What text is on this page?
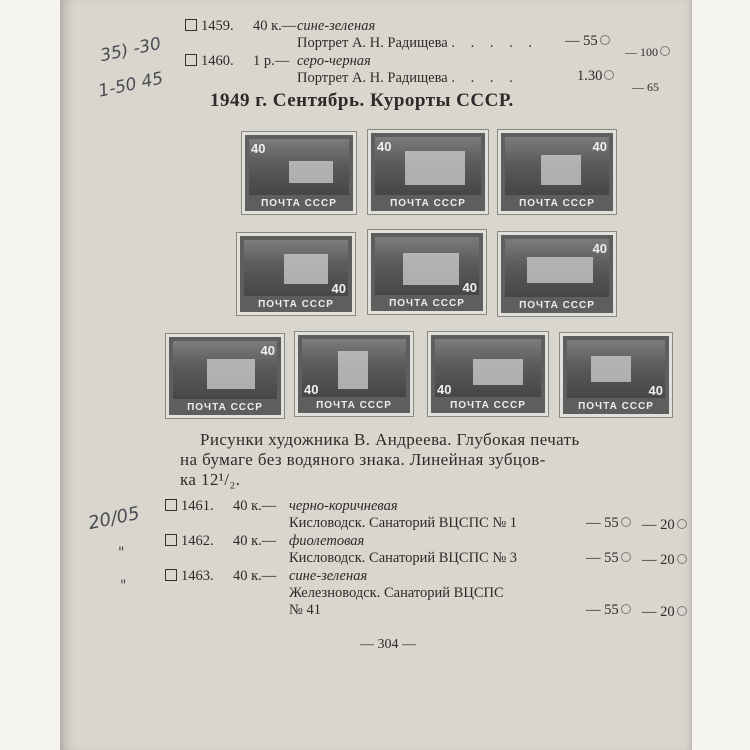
35) -30
1459. 40 к.—сине-зеленая
Портрет А. Н. Радищева . . . . . — 55
— 100
1-50 45
1460. 1 р.— серо-черная
Портрет А. Н. Радищева . . . .	1.30
— 65
1949 г. Сентябрь. Курорты СССР.
ПОЧТА СССР
40
ПОЧТА СССР
40
ПОЧТА СССР
40
ПОЧТА СССР
40
ПОЧТА СССР
40
ПОЧТА СССР
40
ПОЧТА СССР
40
ПОЧТА СССР
40
ПОЧТА СССР
40
ПОЧТА СССР
40
Рисунки художника В. Андреева. Глубокая печать
на бумаге без водяного знака. Линейная зубцов-
ка 12¹/₂.
20/05	1461. 40 к.— черно-коричневая
Кисловодск. Санаторий ВЦСПС № 1	— 55	— 20
"
1462. 40 к.— фиолетовая
Кисловодск. Санаторий ВЦСПС № 3	— 55	— 20
"
1463. 40 к.— сине-зеленая
Железноводск. Санаторий ВЦСПС
№ 41	— 55	— 20
— 304 —
